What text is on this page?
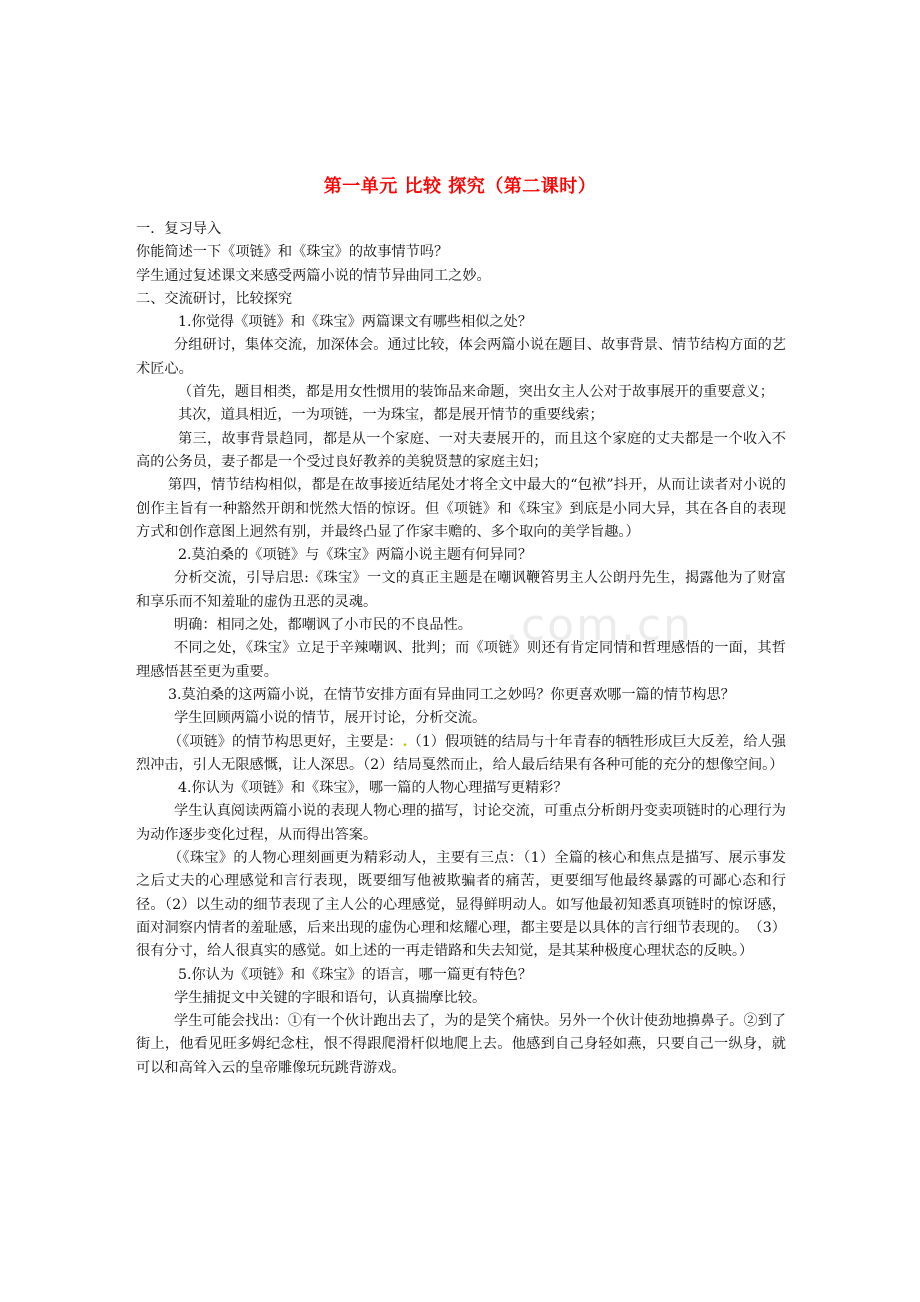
.com.cn
第一单元 比较 探究（第二课时）

一．复习导入

你能简述一下《项链》和《珠宝》的故事情节吗？

学生通过复述课文来感受两篇小说的情节异曲同工之妙。

二、交流研讨，比较探究

1.你觉得《项链》和《珠宝》两篇课文有哪些相似之处？

分组研讨，集体交流，加深体会。通过比较，体会两篇小说在题目、故事背景、情节结构方面的艺术匠心。

（首先，题目相类，都是用女性惯用的装饰品来命题，突出女主人公对于故事展开的重要意义；

其次，道具相近，一为项链，一为珠宝，都是展开情节的重要线索；

第三，故事背景趋同，都是从一个家庭、一对夫妻展开的，而且这个家庭的丈夫都是一个收入不高的公务员，妻子都是一个受过良好教养的美貌贤慧的家庭主妇；

第四，情节结构相似，都是在故事接近结尾处才将全文中最大的“包袱”抖开，从而让读者对小说的创作主旨有一种豁然开朗和恍然大悟的惊讶。但《项链》和《珠宝》到底是小同大异，其在各自的表现方式和创作意图上迥然有别，并最终凸显了作家丰赡的、多个取向的美学旨趣。）

2.莫泊桑的《项链》与《珠宝》两篇小说主题有何异同？

分析交流，引导启思:《珠宝》一文的真正主题是在嘲讽鞭笞男主人公朗丹先生，揭露他为了财富和享乐而不知羞耻的虚伪丑恶的灵魂。

明确：相同之处，都嘲讽了小市民的不良品性。

不同之处，《珠宝》立足于辛辣嘲讽、批判；而《项链》则还有肯定同情和哲理感悟的一面，其哲理感悟甚至更为重要。

3.莫泊桑的这两篇小说，在情节安排方面有异曲同工之妙吗？你更喜欢哪一篇的情节构思？

学生回顾两篇小说的情节，展开讨论，分析交流。

（《项链》的情节构思更好，主要是：.（1）假项链的结局与十年青春的牺牲形成巨大反差，给人强烈冲击，引人无限感慨，让人深思。（2）结局戛然而止，给人最后结果有各种可能的充分的想像空间。）

4.你认为《项链》和《珠宝》，哪一篇的人物心理描写更精彩？

学生认真阅读两篇小说的表现人物心理的描写，讨论交流，可重点分析朗丹变卖项链时的心理行为为动作逐步变化过程，从而得出答案。

（《珠宝》的人物心理刻画更为精彩动人，主要有三点：（1）全篇的核心和焦点是描写、展示事发之后丈夫的心理感觉和言行表现，既要细写他被欺骗者的痛苦，更要细写他最终暴露的可鄙心态和行径。（2）以生动的细节表现了主人公的心理感觉，显得鲜明动人。如写他最初知悉真项链时的惊讶感，面对洞察内情者的羞耻感，后来出现的虚伪心理和炫耀心理，都主要是以具体的言行细节表现的。　（3）很有分寸，给人很真实的感觉。如上述的一再走错路和失去知觉，是其某种极度心理状态的反映。）

5.你认为《项链》和《珠宝》的语言，哪一篇更有特色？

学生捕捉文中关键的字眼和语句，认真揣摩比较。

学生可能会找出：①有一个伙计跑出去了，为的是笑个痛快。另外一个伙计使劲地擤鼻子。②到了街上，他看见旺多姆纪念柱，恨不得跟爬滑杆似地爬上去。他感到自己身轻如燕，只要自己一纵身，就可以和高耸入云的皇帝雕像玩玩跳背游戏。
